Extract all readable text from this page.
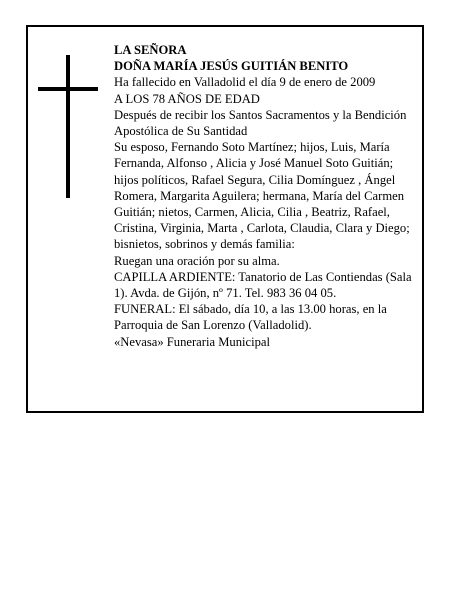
LA SEÑORA

DOÑA MARÍA JESÚS GUITIÁN BENITO

Ha fallecido en Valladolid el día 9 de enero de 2009

A LOS 78 AÑOS DE EDAD

Después de recibir los Santos Sacramentos y la Bendición Apostólica de Su Santidad

Su esposo, Fernando Soto Martínez; hijos, Luis, María Fernanda, Alfonso , Alicia y José Manuel Soto Guitián; hijos políticos, Rafael Segura, Cilia Domínguez , Ángel Romera, Margarita Aguilera; hermana, María del Carmen Guitián; nietos, Carmen, Alicia, Cilia , Beatriz, Rafael, Cristina, Virginia, Marta , Carlota, Claudia, Clara y Diego; bisnietos, sobrinos y demás familia:

Ruegan una oración por su alma.

CAPILLA ARDIENTE: Tanatorio de Las Contiendas (Sala 1). Avda. de Gijón, nº 71. Tel. 983 36 04 05.

FUNERAL: El sábado, día 10, a las 13.00 horas, en la Parroquia de San Lorenzo (Valladolid).

«Nevasa» Funeraria Municipal
